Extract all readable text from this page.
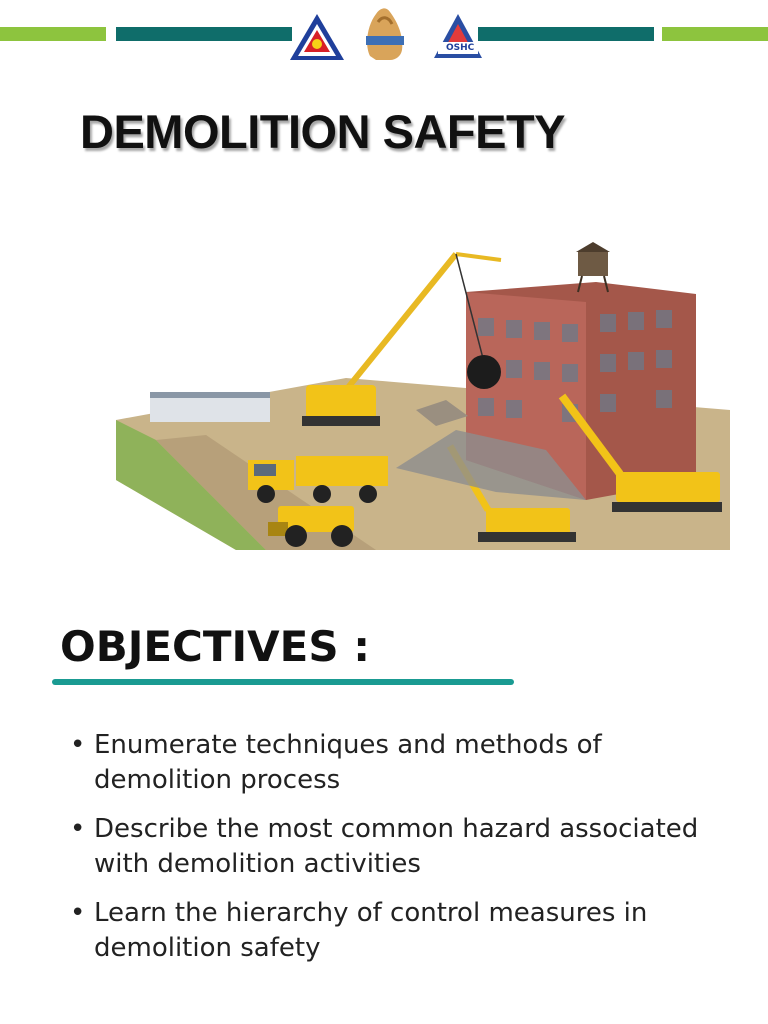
OSHC
DEMOLITION SAFETY
OBJECTIVES :
• Enumerate techniques and methods of demolition process
• Describe the most common hazard associated with demolition activities
• Learn the hierarchy of control measures in demolition safety
